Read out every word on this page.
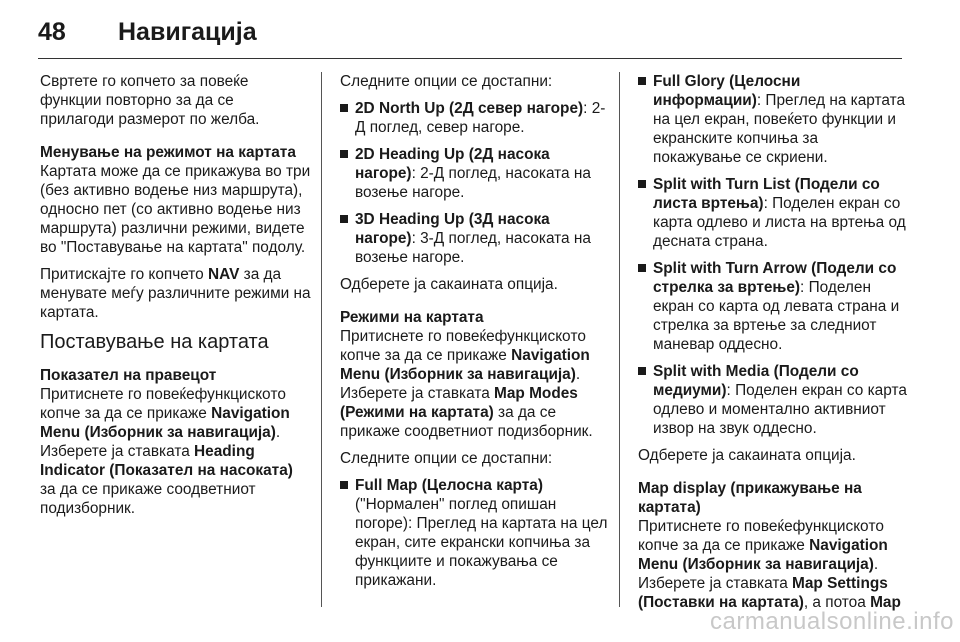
48 Навигација

Свртете го копчето за повеќе функции повторно за да се прилагоди размерот по желба.

Менување на режимот на картата

Картата може да се прикажува во три (без активно водење низ маршрута), односно пет (со активно водење низ маршрута) различни режими, видете во "Поставување на картата" подолу.

Притискајте го копчето NAV за да менувате меѓу различните режими на картата.

Поставување на картата
Показател на правецот

Притиснете го повеќефункцискoто копче за да се прикаже Navigation Menu (Изборник за навигација). Изберете ја ставката Heading Indicator (Показател на насоката) за да се прикаже соодветниот подизборник.

Следните опции се достапни:

2D North Up (2Д север нагоре): 2-Д поглед, север нагоре.
2D Heading Up (2Д насока нагоре): 2-Д поглед, насоката на возење нагоре.
3D Heading Up (3Д насока нагоре): 3-Д поглед, насоката на возење нагоре.

Одберете ја сакаината опција.

Режими на картата

Притиснете го повеќефункцискoто копче за да се прикаже Navigation Menu (Изборник за навигација). Изберете ја ставката Map Modes (Режими на картата) за да се прикаже соодветниот подизборник.

Следните опции се достапни:

Full Map (Целосна карта) ("Нормален" поглед опишан погоре): Преглед на картата на цел екран, сите екрански копчиња за функциите и покажувања се прикажани.
Full Glory (Целосни информации): Преглед на картата на цел екран, повеќето функции и екранските копчиња за покажување се скриени.
Split with Turn List (Подели со листа вртења): Поделен екран со карта одлево и листа на вртења од десната страна.
Split with Turn Arrow (Подели со стрелка за вртење): Поделен екран со карта од левата страна и стрелка за вртење за следниот маневар оддесно.
Split with Media (Подели со медиуми): Поделен екран со карта одлево и моментално активниот извор на звук оддесно.

Одберете ја сакаината опција.

Map display (прикажување на картата)

Притиснете го повеќефункцискoто копче за да се прикаже Navigation Menu (Изборник за навигација). Изберете ја ставката Map Settings (Поставки на картата), а потоа Map

carmanualsonline.info
